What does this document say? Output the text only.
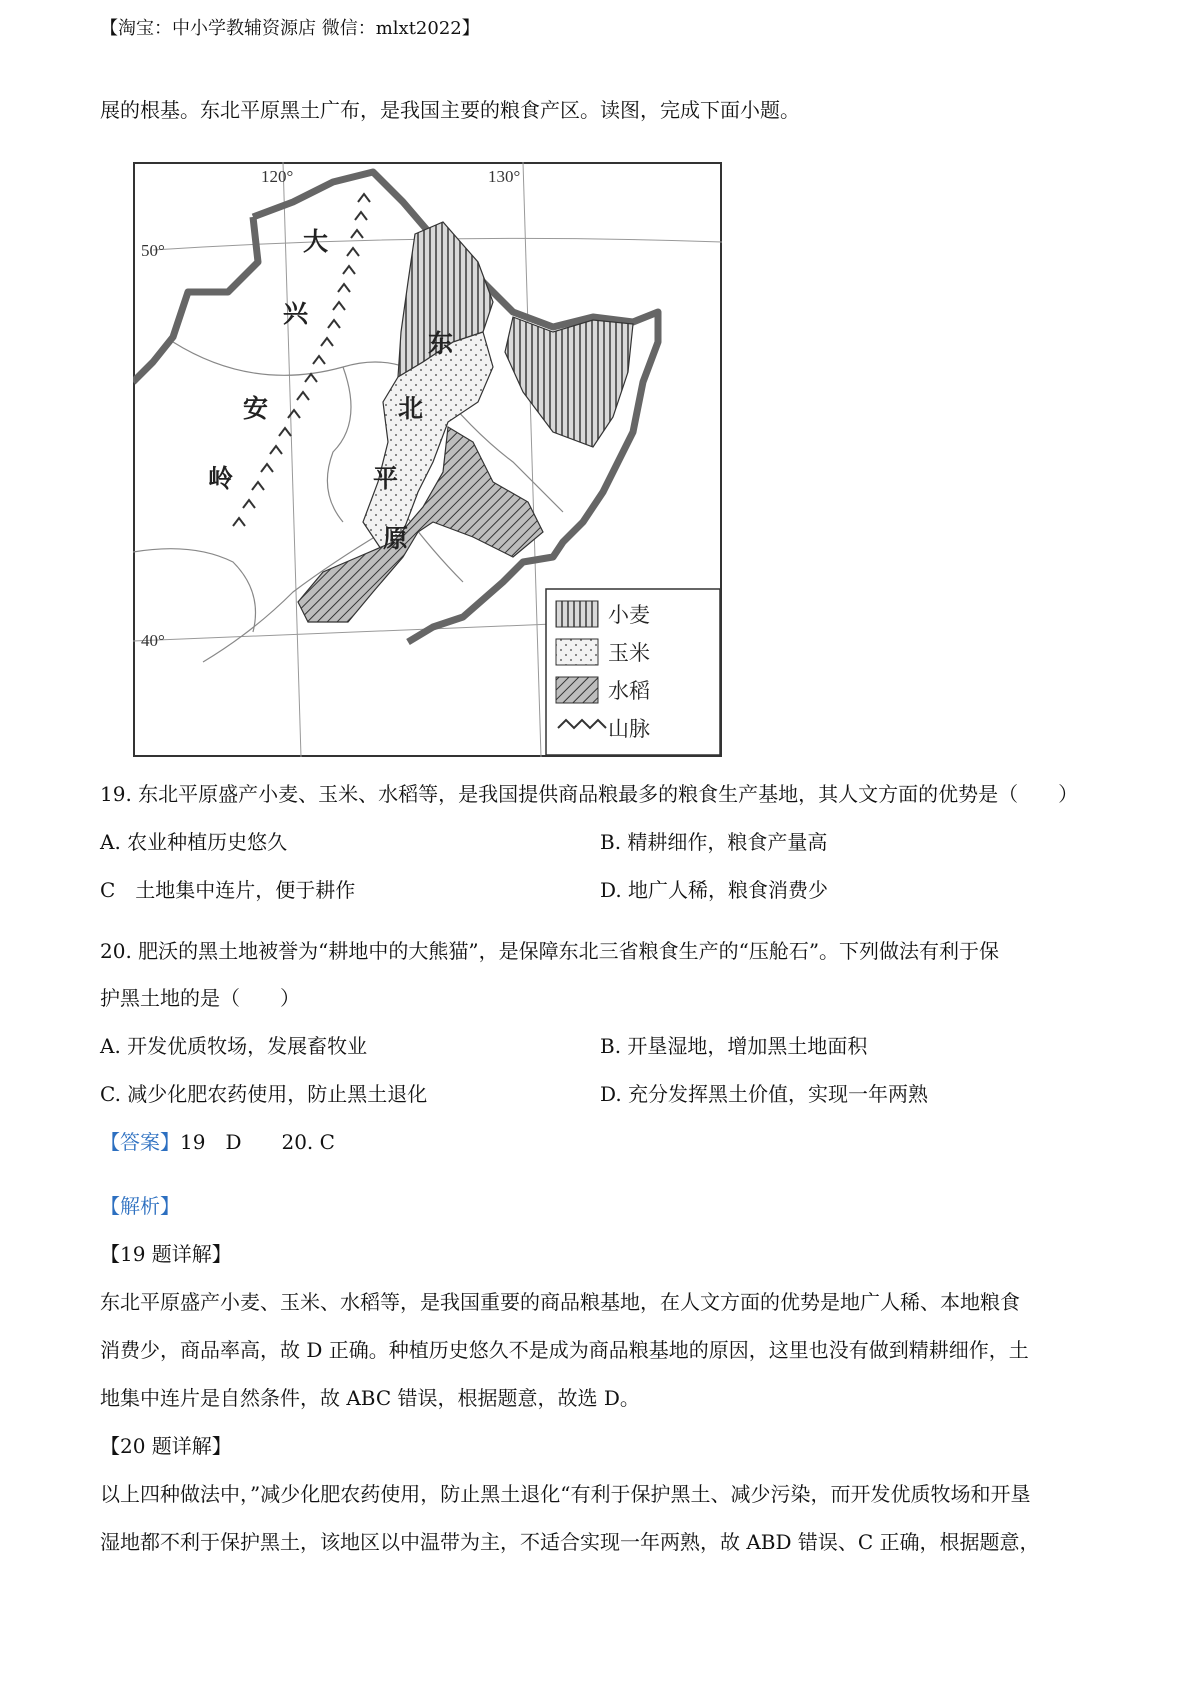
【淘宝：中小学教辅资源店 微信：mlxt2022】
展的根基。东北平原黑土广布，是我国主要的粮食产区。读图，完成下面小题。
120°	130°
50°
40°
大
兴
安
岭
东
北
平
原
小麦
玉米
水稻
山脉
19. 东北平原盛产小麦、玉米、水稻等，是我国提供商品粮最多的粮食生产基地，其人文方面的优势是（　　）
A. 农业种植历史悠久	B. 精耕细作，粮食产量高
C　土地集中连片，便于耕作	D. 地广人稀，粮食消费少
20. 肥沃的黑土地被誉为“耕地中的大熊猫”，是保障东北三省粮食生产的“压舱石”。下列做法有利于保
护黑土地的是（　　）
A. 开发优质牧场，发展畜牧业	B. 开垦湿地，增加黑土地面积
C. 减少化肥农药使用，防止黑土退化	D. 充分发挥黑土价值，实现一年两熟
【答案】19　D　　20. C
【解析】
【19 题详解】
东北平原盛产小麦、玉米、水稻等，是我国重要的商品粮基地，在人文方面的优势是地广人稀、本地粮食
消费少，商品率高，故 D 正确。种植历史悠久不是成为商品粮基地的原因，这里也没有做到精耕细作，土
地集中连片是自然条件，故 ABC 错误，根据题意，故选 D。
【20 题详解】
以上四种做法中，”减少化肥农药使用，防止黑土退化“有利于保护黑土、减少污染，而开发优质牧场和开垦
湿地都不利于保护黑土，该地区以中温带为主，不适合实现一年两熟，故 ABD 错误、C 正确，根据题意，
